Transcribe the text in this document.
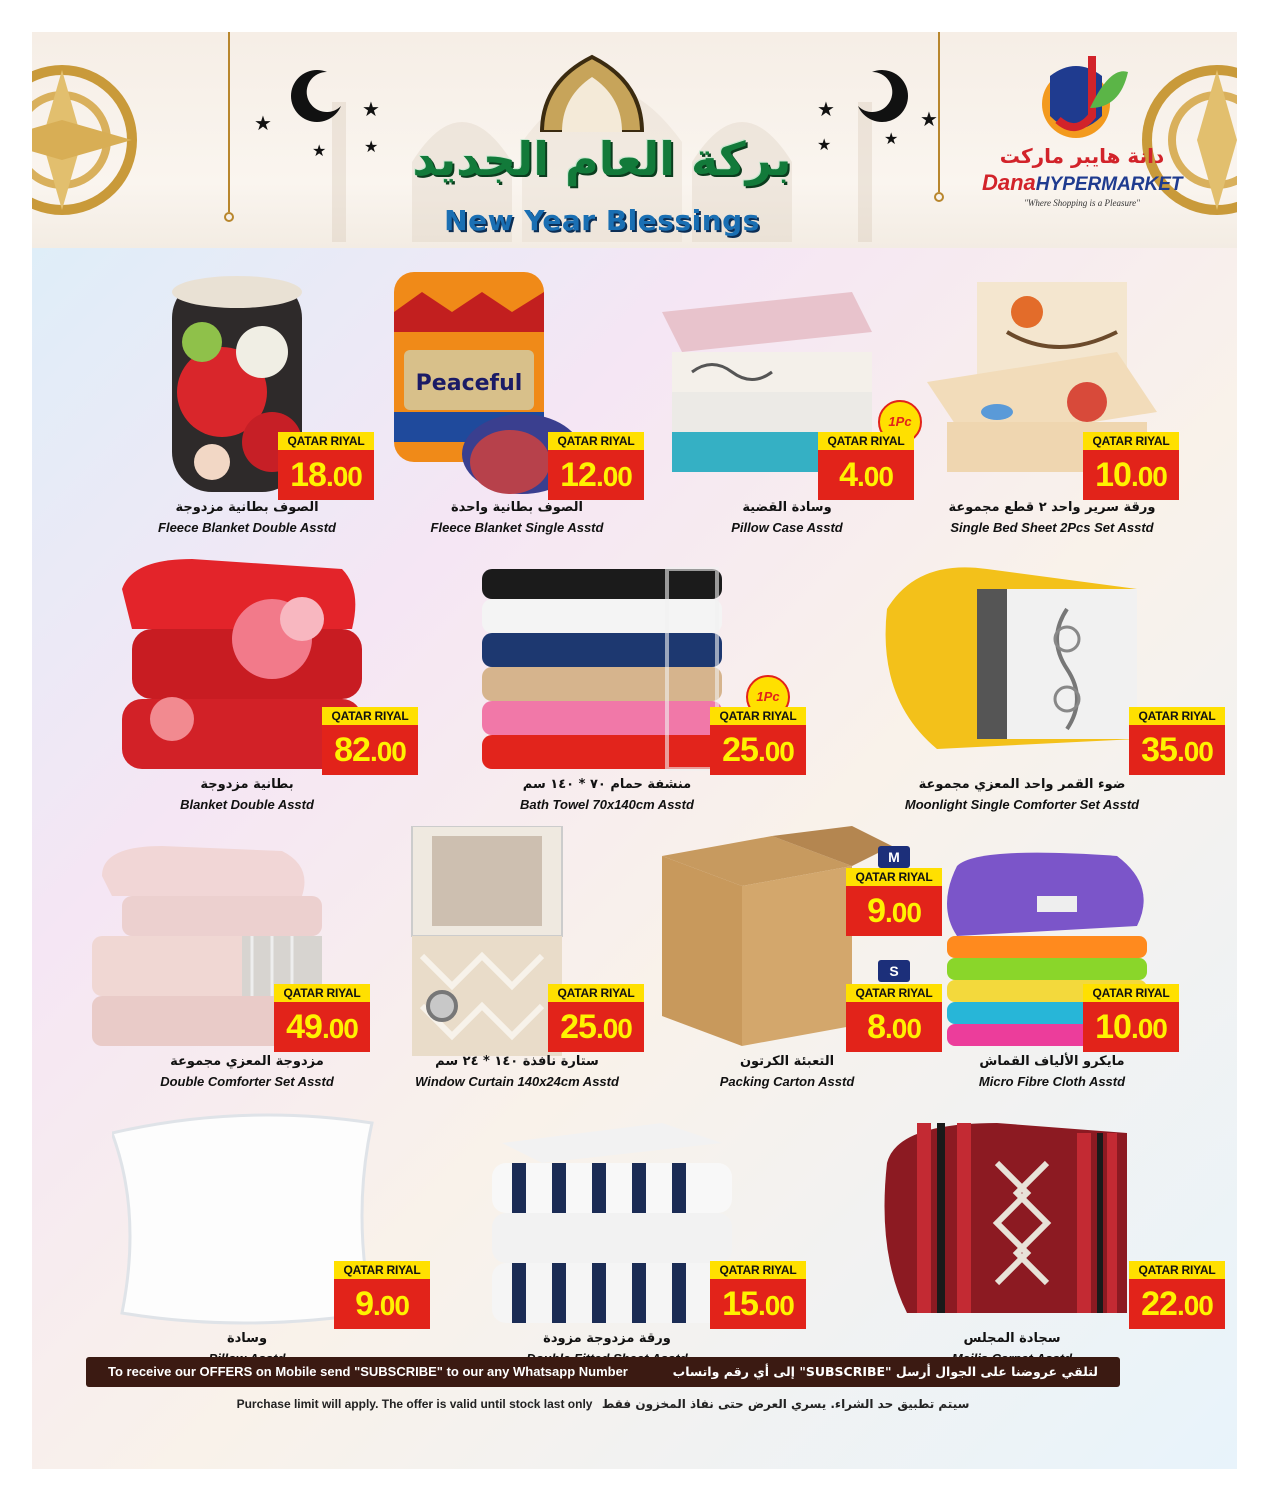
★
★
★ ★
★	★
★
★
بركة العام الجديد
New Year Blessings
دانة هايبر ماركت
DanaHYPERMARKET
"Where Shopping is a Pleasure"
QATAR RIYAL
18.00
الصوف بطانية مزدوجة
Fleece Blanket Double Asstd
Peaceful
QATAR RIYAL
12.00
الصوف بطانية واحدة
Fleece Blanket Single Asstd
1Pc
QATAR RIYAL
4.00
وسادة القضية
Pillow Case Asstd
QATAR RIYAL
10.00
ورقة سرير واحد ٢ قطع مجموعة
Single Bed Sheet 2Pcs Set Asstd
QATAR RIYAL
82.00
بطانية مزدوجة
Blanket Double Asstd
1Pc
QATAR RIYAL
25.00
منشفة حمام ٧٠ * ١٤٠ سم
Bath Towel 70x140cm Asstd
QATAR RIYAL
35.00
ضوء القمر واحد المعزي مجموعة
Moonlight Single Comforter Set Asstd
QATAR RIYAL
49.00
مزدوجة المعزي مجموعة
Double Comforter Set Asstd
QATAR RIYAL
25.00
ستارة نافذة ١٤٠ * ٢٤ سم
Window Curtain 140x24cm Asstd
M
QATAR RIYAL
9.00
S
QATAR RIYAL
8.00
التعبئة الكرتون
Packing Carton Asstd
QATAR RIYAL
10.00
مايكرو الألياف القماش
Micro Fibre Cloth Asstd
QATAR RIYAL
9.00
وسادة
QATAR RIYAL
15.00
ورقة مزدوجة مزودة
QATAR RIYAL
22.00
سجادة المجلس
To receive our OFFERS on Mobile send "SUBSCRIBE" to our any Whatsapp Number	لتلقي عروضنا على الجوال أرسل "SUBSCRIBE" إلى أي رقم واتساب
Purchase limit will apply. The offer is valid until stock last only سيتم تطبيق حد الشراء. يسري العرض حتى نفاذ المخزون فقط
